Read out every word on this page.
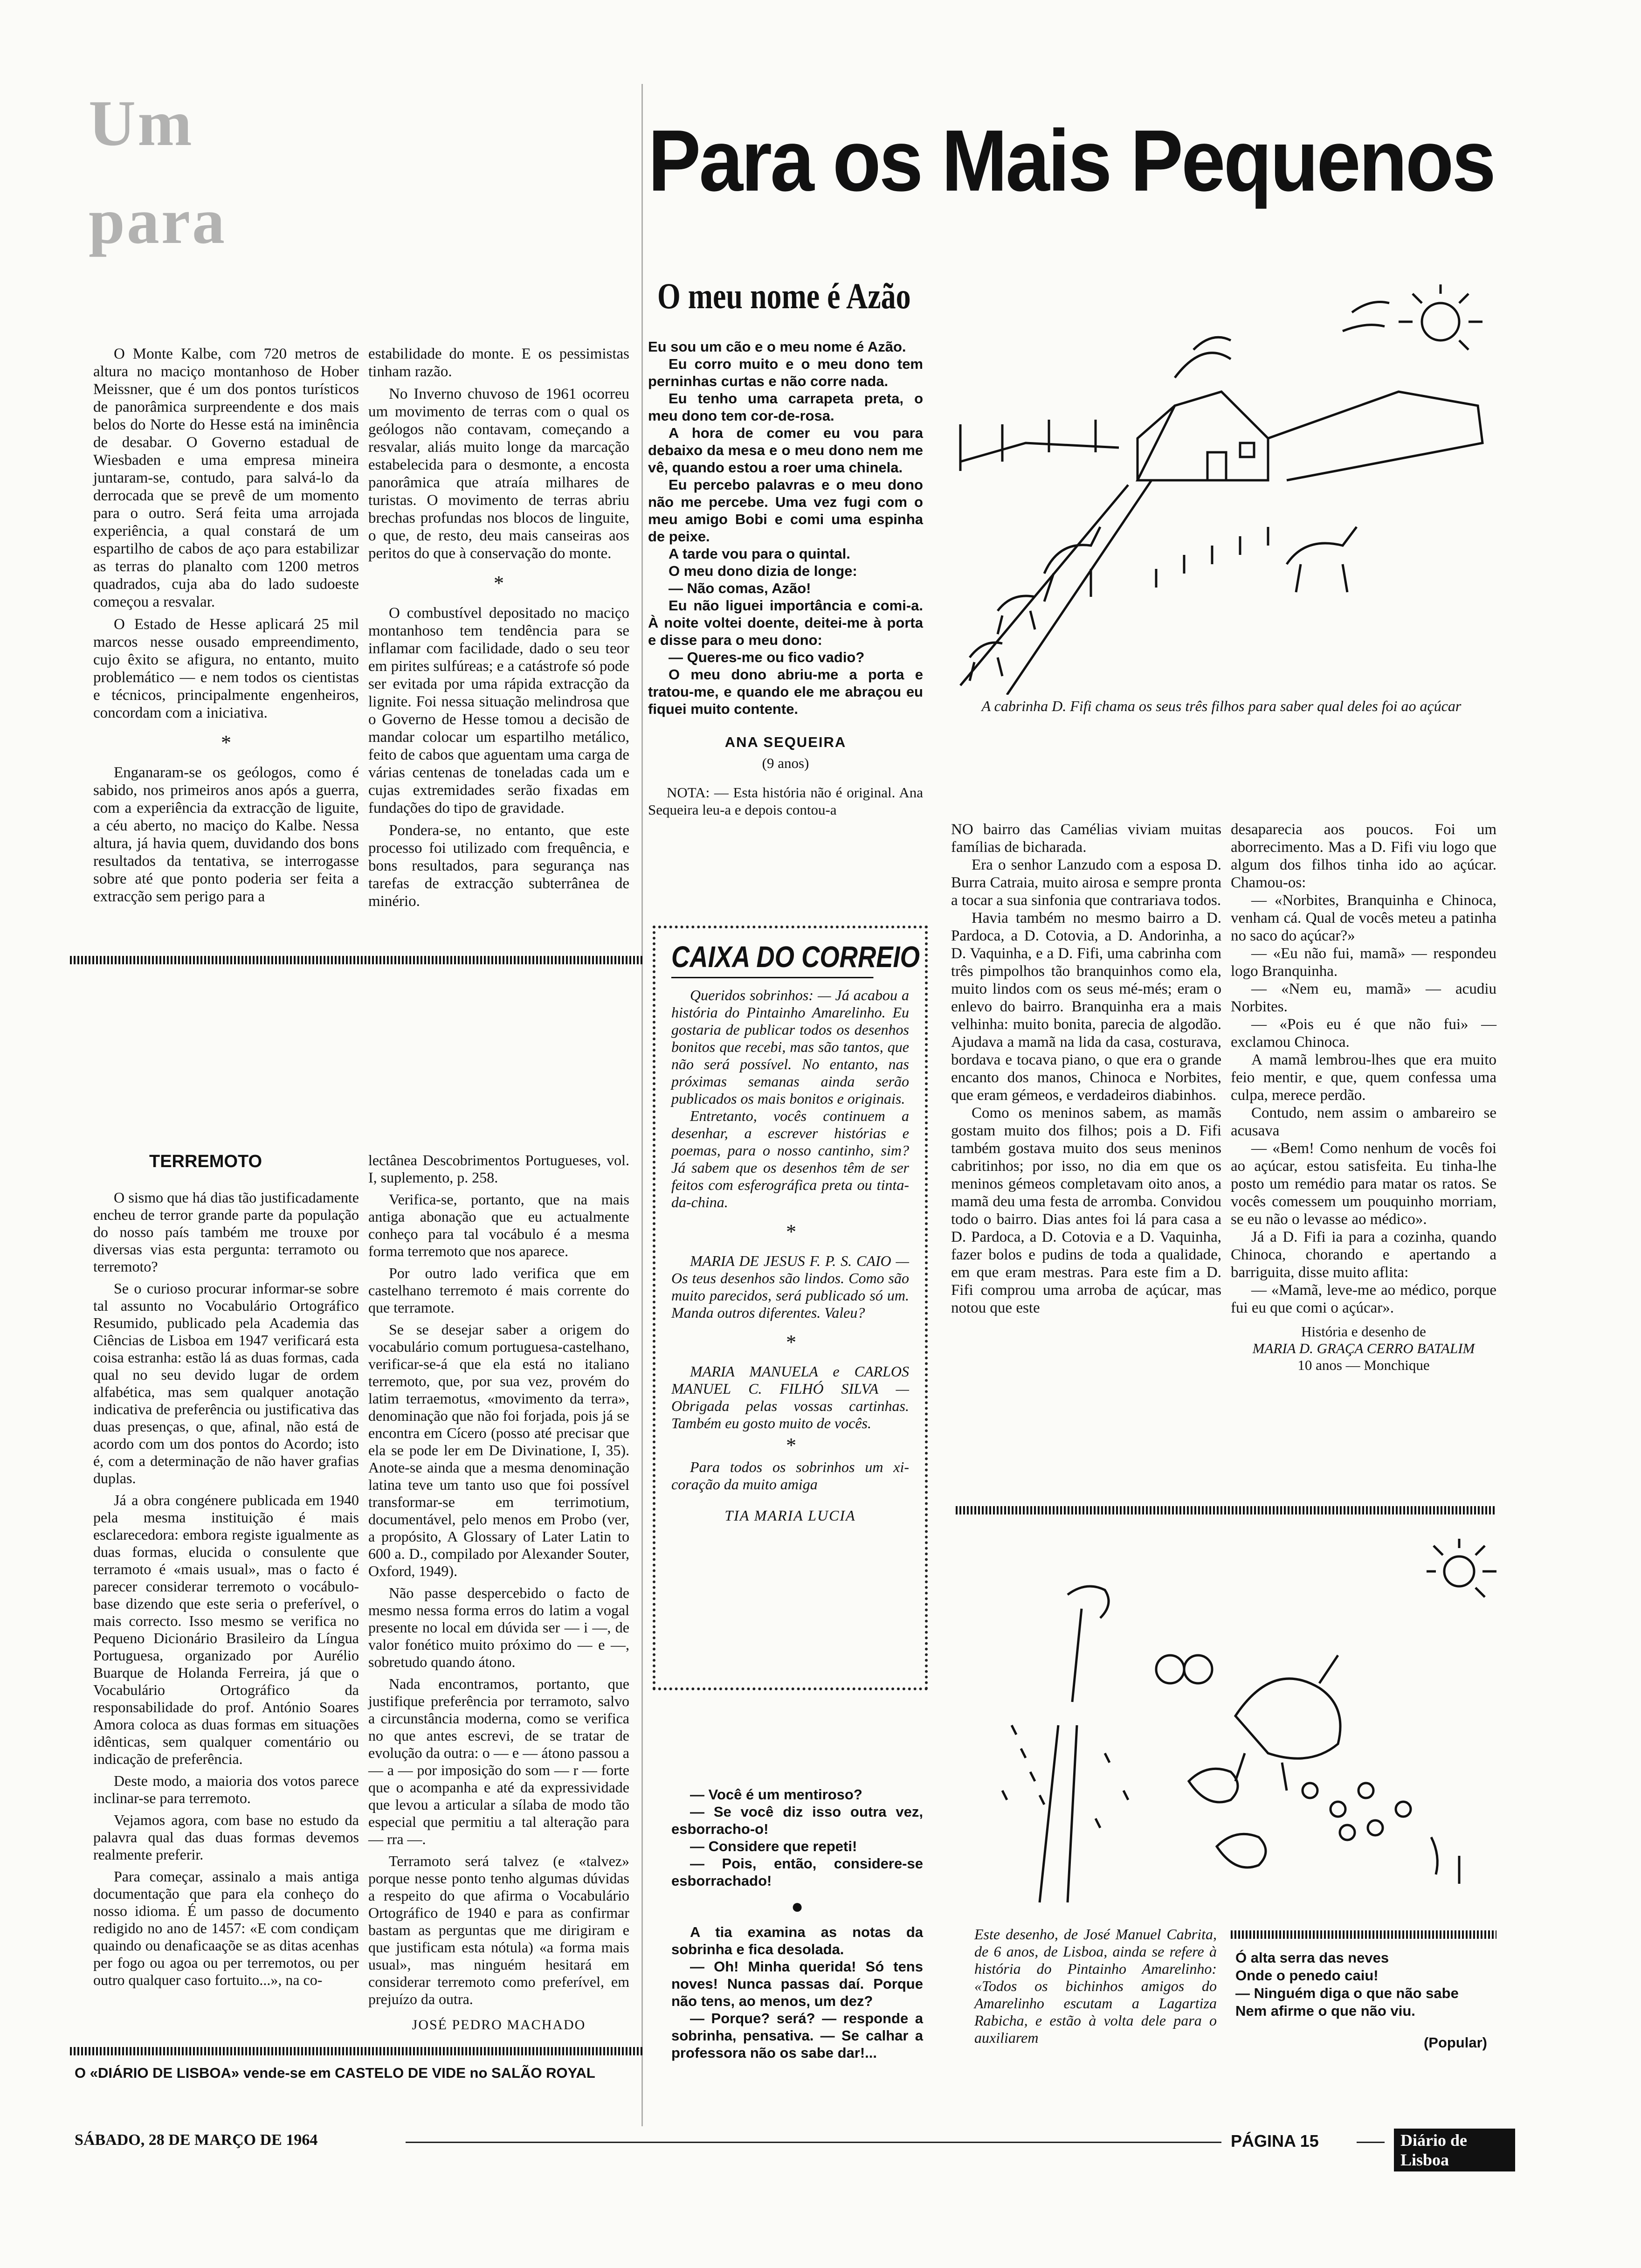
Um
para

O Monte Kalbe, com 720 metros de altura no maciço montanhoso de Hober Meissner, que é um dos pontos turísticos de panorâmica surpreendente e dos mais belos do Norte do Hesse está na iminência de desabar. O Governo estadual de Wiesbaden e uma empresa mineira juntaram-se, contudo, para salvá-lo da derrocada que se prevê de um momento para o outro. Será feita uma arrojada experiência, a qual constará de um espartilho de cabos de aço para estabilizar as terras do planalto com 1200 metros quadrados, cuja aba do lado sudoeste começou a resvalar.

O Estado de Hesse aplicará 25 mil marcos nesse ousado empreendimento, cujo êxito se afigura, no entanto, muito problemático — e nem todos os cientistas e técnicos, principalmente engenheiros, concordam com a iniciativa.

*

Enganaram-se os geólogos, como é sabido, nos primeiros anos após a guerra, com a experiência da extracção de liguite, a céu aberto, no maciço do Kalbe. Nessa altura, já havia quem, duvidando dos bons resultados da tentativa, se interrogasse sobre até que ponto poderia ser feita a extracção sem perigo para a

estabilidade do monte. E os pessimistas tinham razão.

No Inverno chuvoso de 1961 ocorreu um movimento de terras com o qual os geólogos não contavam, começando a resvalar, aliás muito longe da marcação estabelecida para o desmonte, a encosta panorâmica que atraía milhares de turistas. O movimento de terras abriu brechas profundas nos blocos de linguite, o que, de resto, deu mais canseiras aos peritos do que à conservação do monte.

*

O combustível depositado no maciço montanhoso tem tendência para se inflamar com facilidade, dado o seu teor em pirites sulfúreas; e a catástrofe só pode ser evitada por uma rápida extracção da lignite. Foi nessa situação melindrosa que o Governo de Hesse tomou a decisão de mandar colocar um espartilho metálico, feito de cabos que aguentam uma carga de várias centenas de toneladas cada um e cujas extremidades serão fixadas em fundações do tipo de gravidade.

Pondera-se, no entanto, que este processo foi utilizado com frequência, e bons resultados, para segurança nas tarefas de extracção subterrânea de minério.

TERREMOTO

O sismo que há dias tão justificadamente encheu de terror grande parte da população do nosso país também me trouxe por diversas vias esta pergunta: terramoto ou terremoto?

Se o curioso procurar informar-se sobre tal assunto no Vocabulário Ortográfico Resumido, publicado pela Academia das Ciências de Lisboa em 1947 verificará esta coisa estranha: estão lá as duas formas, cada qual no seu devido lugar de ordem alfabética, mas sem qualquer anotação indicativa de preferência ou justificativa das duas presenças, o que, afinal, não está de acordo com um dos pontos do Acordo; isto é, com a determinação de não haver grafias duplas.

Já a obra congénere publicada em 1940 pela mesma instituição é mais esclarecedora: embora registe igualmente as duas formas, elucida o consulente que terramoto é «mais usual», mas o facto é parecer considerar terremoto o vocábulo-base dizendo que este seria o preferível, o mais correcto. Isso mesmo se verifica no Pequeno Dicionário Brasileiro da Língua Portuguesa, organizado por Aurélio Buarque de Holanda Ferreira, já que o Vocabulário Ortográfico da responsabilidade do prof. António Soares Amora coloca as duas formas em situações idênticas, sem qualquer comentário ou indicação de preferência.

Deste modo, a maioria dos votos parece inclinar-se para terremoto.

Vejamos agora, com base no estudo da palavra qual das duas formas devemos realmente preferir.

Para começar, assinalo a mais antiga documentação que para ela conheço do nosso idioma. É um passo de documento redigido no ano de 1457: «E com condiçam quaindo ou denaficaaçõe se as ditas acenhas per fogo ou agoa ou per terremotos, ou per outro qualquer caso fortuito...», na co-

lectânea Descobrimentos Portugueses, vol. I, suplemento, p. 258.

Verifica-se, portanto, que na mais antiga abonação que eu actualmente conheço para tal vocábulo é a mesma forma terremoto que nos aparece.

Por outro lado verifica que em castelhano terremoto é mais corrente do que terramote.

Se se desejar saber a origem do vocabulário comum portuguesa-castelhano, verificar-se-á que ela está no italiano terremoto, que, por sua vez, provém do latim terraemotus, «movimento da terra», denominação que não foi forjada, pois já se encontra em Cícero (posso até precisar que ela se pode ler em De Divinatione, I, 35). Anote-se ainda que a mesma denominação latina teve um tanto uso que foi possível transformar-se em terrimotium, documentável, pelo menos em Probo (ver, a propósito, A Glossary of Later Latin to 600 a. D., compilado por Alexander Souter, Oxford, 1949).

Não passe despercebido o facto de mesmo nessa forma erros do latim a vogal presente no local em dúvida ser — i —, de valor fonético muito próximo do — e —, sobretudo quando átono.

Nada encontramos, portanto, que justifique preferência por terramoto, salvo a circunstância moderna, como se verifica no que antes escrevi, de se tratar de evolução da outra: o — e — átono passou a — a — por imposição do som — r — forte que o acompanha e até da expressividade que levou a articular a sílaba de modo tão especial que permitiu a tal alteração para — rra —.

Terramoto será talvez (e «talvez» porque nesse ponto tenho algumas dúvidas a respeito do que afirma o Vocabulário Ortográfico de 1940 e para as confirmar bastam as perguntas que me dirigiram e que justificam esta nótula) «a forma mais usual», mas ninguém hesitará em considerar terremoto como preferível, em prejuízo da outra.

JOSÉ PEDRO MACHADO
O «DIÁRIO DE LISBOA» vende-se em CASTELO DE VIDE no SALÃO ROYAL
SÁBADO, 28 DE MARÇO DE 1964	PÁGINA 15	Diário de Lisboa
Para os Mais Pequenos
O meu nome é Azão

Eu sou um cão e o meu nome é Azão.

Eu corro muito e o meu dono tem perninhas curtas e não corre nada.

Eu tenho uma carrapeta preta, o meu dono tem cor-de-rosa.

A hora de comer eu vou para debaixo da mesa e o meu dono nem me vê, quando estou a roer uma chinela.

Eu percebo palavras e o meu dono não me percebe. Uma vez fugi com o meu amigo Bobi e comi uma espinha de peixe.

A tarde vou para o quintal.

O meu dono dizia de longe:

— Não comas, Azão!

Eu não liguei importância e comi-a. À noite voltei doente, deitei-me à porta e disse para o meu dono:

— Queres-me ou fico vadio?

O meu dono abriu-me a porta e tratou-me, e quando ele me abraçou eu fiquei muito contente.

ANA SEQUEIRA
(9 anos)
NOTA: — Esta história não é original. Ana Sequeira leu-a e depois contou-a
A cabrinha D. Fifi chama os seus três filhos para saber qual deles foi ao açúcar
CAIXA DO CORREIO

Queridos sobrinhos: — Já acabou a história do Pintainho Amarelinho. Eu gostaria de publicar todos os desenhos bonitos que recebi, mas são tantos, que não será possível. No entanto, nas próximas semanas ainda serão publicados os mais bonitos e originais.

Entretanto, vocês continuem a desenhar, a escrever histórias e poemas, para o nosso cantinho, sim? Já sabem que os desenhos têm de ser feitos com esferográfica preta ou tinta-da-china.

*

MARIA DE JESUS F. P. S. CAIO — Os teus desenhos são lindos. Como são muito parecidos, será publicado só um. Manda outros diferentes. Valeu?

*

MARIA MANUELA e CARLOS MANUEL C. FILHÓ SILVA — Obrigada pelas vossas cartinhas. Também eu gosto muito de vocês.

*

Para todos os sobrinhos um xi-coração da muito amiga

TIA MARIA LUCIA

— Você é um mentiroso?

— Se você diz isso outra vez, esborracho-o!

— Considere que repeti!

— Pois, então, considere-se esborrachado!

●

A tia examina as notas da sobrinha e fica desolada.

— Oh! Minha querida! Só tens noves! Nunca passas daí. Porque não tens, ao menos, um dez?

— Porque? será? — responde a sobrinha, pensativa. — Se calhar a professora não os sabe dar!...

NO bairro das Camélias viviam muitas famílias de bicharada.

Era o senhor Lanzudo com a esposa D. Burra Catraia, muito airosa e sempre pronta a tocar a sua sinfonia que contrariava todos.

Havia também no mesmo bairro a D. Pardoca, a D. Cotovia, a D. Andorinha, a D. Vaquinha, e a D. Fifi, uma cabrinha com três pimpolhos tão branquinhos como ela, muito lindos com os seus mé-més; eram o enlevo do bairro. Branquinha era a mais velhinha: muito bonita, parecia de algodão. Ajudava a mamã na lida da casa, costurava, bordava e tocava piano, o que era o grande encanto dos manos, Chinoca e Norbites, que eram gémeos, e verdadeiros diabinhos.

Como os meninos sabem, as mamãs gostam muito dos filhos; pois a D. Fifi também gostava muito dos seus meninos cabritinhos; por isso, no dia em que os meninos gémeos completavam oito anos, a mamã deu uma festa de arromba. Convidou todo o bairro. Dias antes foi lá para casa a D. Pardoca, a D. Cotovia e a D. Vaquinha, fazer bolos e pudins de toda a qualidade, em que eram mestras. Para este fim a D. Fifi comprou uma arroba de açúcar, mas notou que este

desaparecia aos poucos. Foi um aborrecimento. Mas a D. Fifi viu logo que algum dos filhos tinha ido ao açúcar. Chamou-os:

— «Norbites, Branquinha e Chinoca, venham cá. Qual de vocês meteu a patinha no saco do açúcar?»

— «Eu não fui, mamã» — respondeu logo Branquinha.

— «Nem eu, mamã» — acudiu Norbites.

— «Pois eu é que não fui» — exclamou Chinoca.

A mamã lembrou-lhes que era muito feio mentir, e que, quem confessa uma culpa, merece perdão.

Contudo, nem assim o ambareiro se acusava

— «Bem! Como nenhum de vocês foi ao açúcar, estou satisfeita. Eu tinha-lhe posto um remédio para matar os ratos. Se vocês comessem um pouquinho morriam, se eu não o levasse ao médico».

Já a D. Fifi ia para a cozinha, quando Chinoca, chorando e apertando a barriguita, disse muito aflita:

— «Mamã, leve-me ao médico, porque fui eu que comi o açúcar».

História e desenho de
MARIA D. GRAÇA CERRO BATALIM
10 anos — Monchique
Este desenho, de José Manuel Cabrita, de 6 anos, de Lisboa, ainda se refere à história do Pintainho Amarelinho: «Todos os bichinhos amigos do Amarelinho escutam a Lagartiza Rabicha, e estão à volta dele para o auxiliarem
Ó alta serra das neves
Onde o penedo caiu!
— Ninguém diga o que não sabe
Nem afirme o que não viu.
(Popular)
